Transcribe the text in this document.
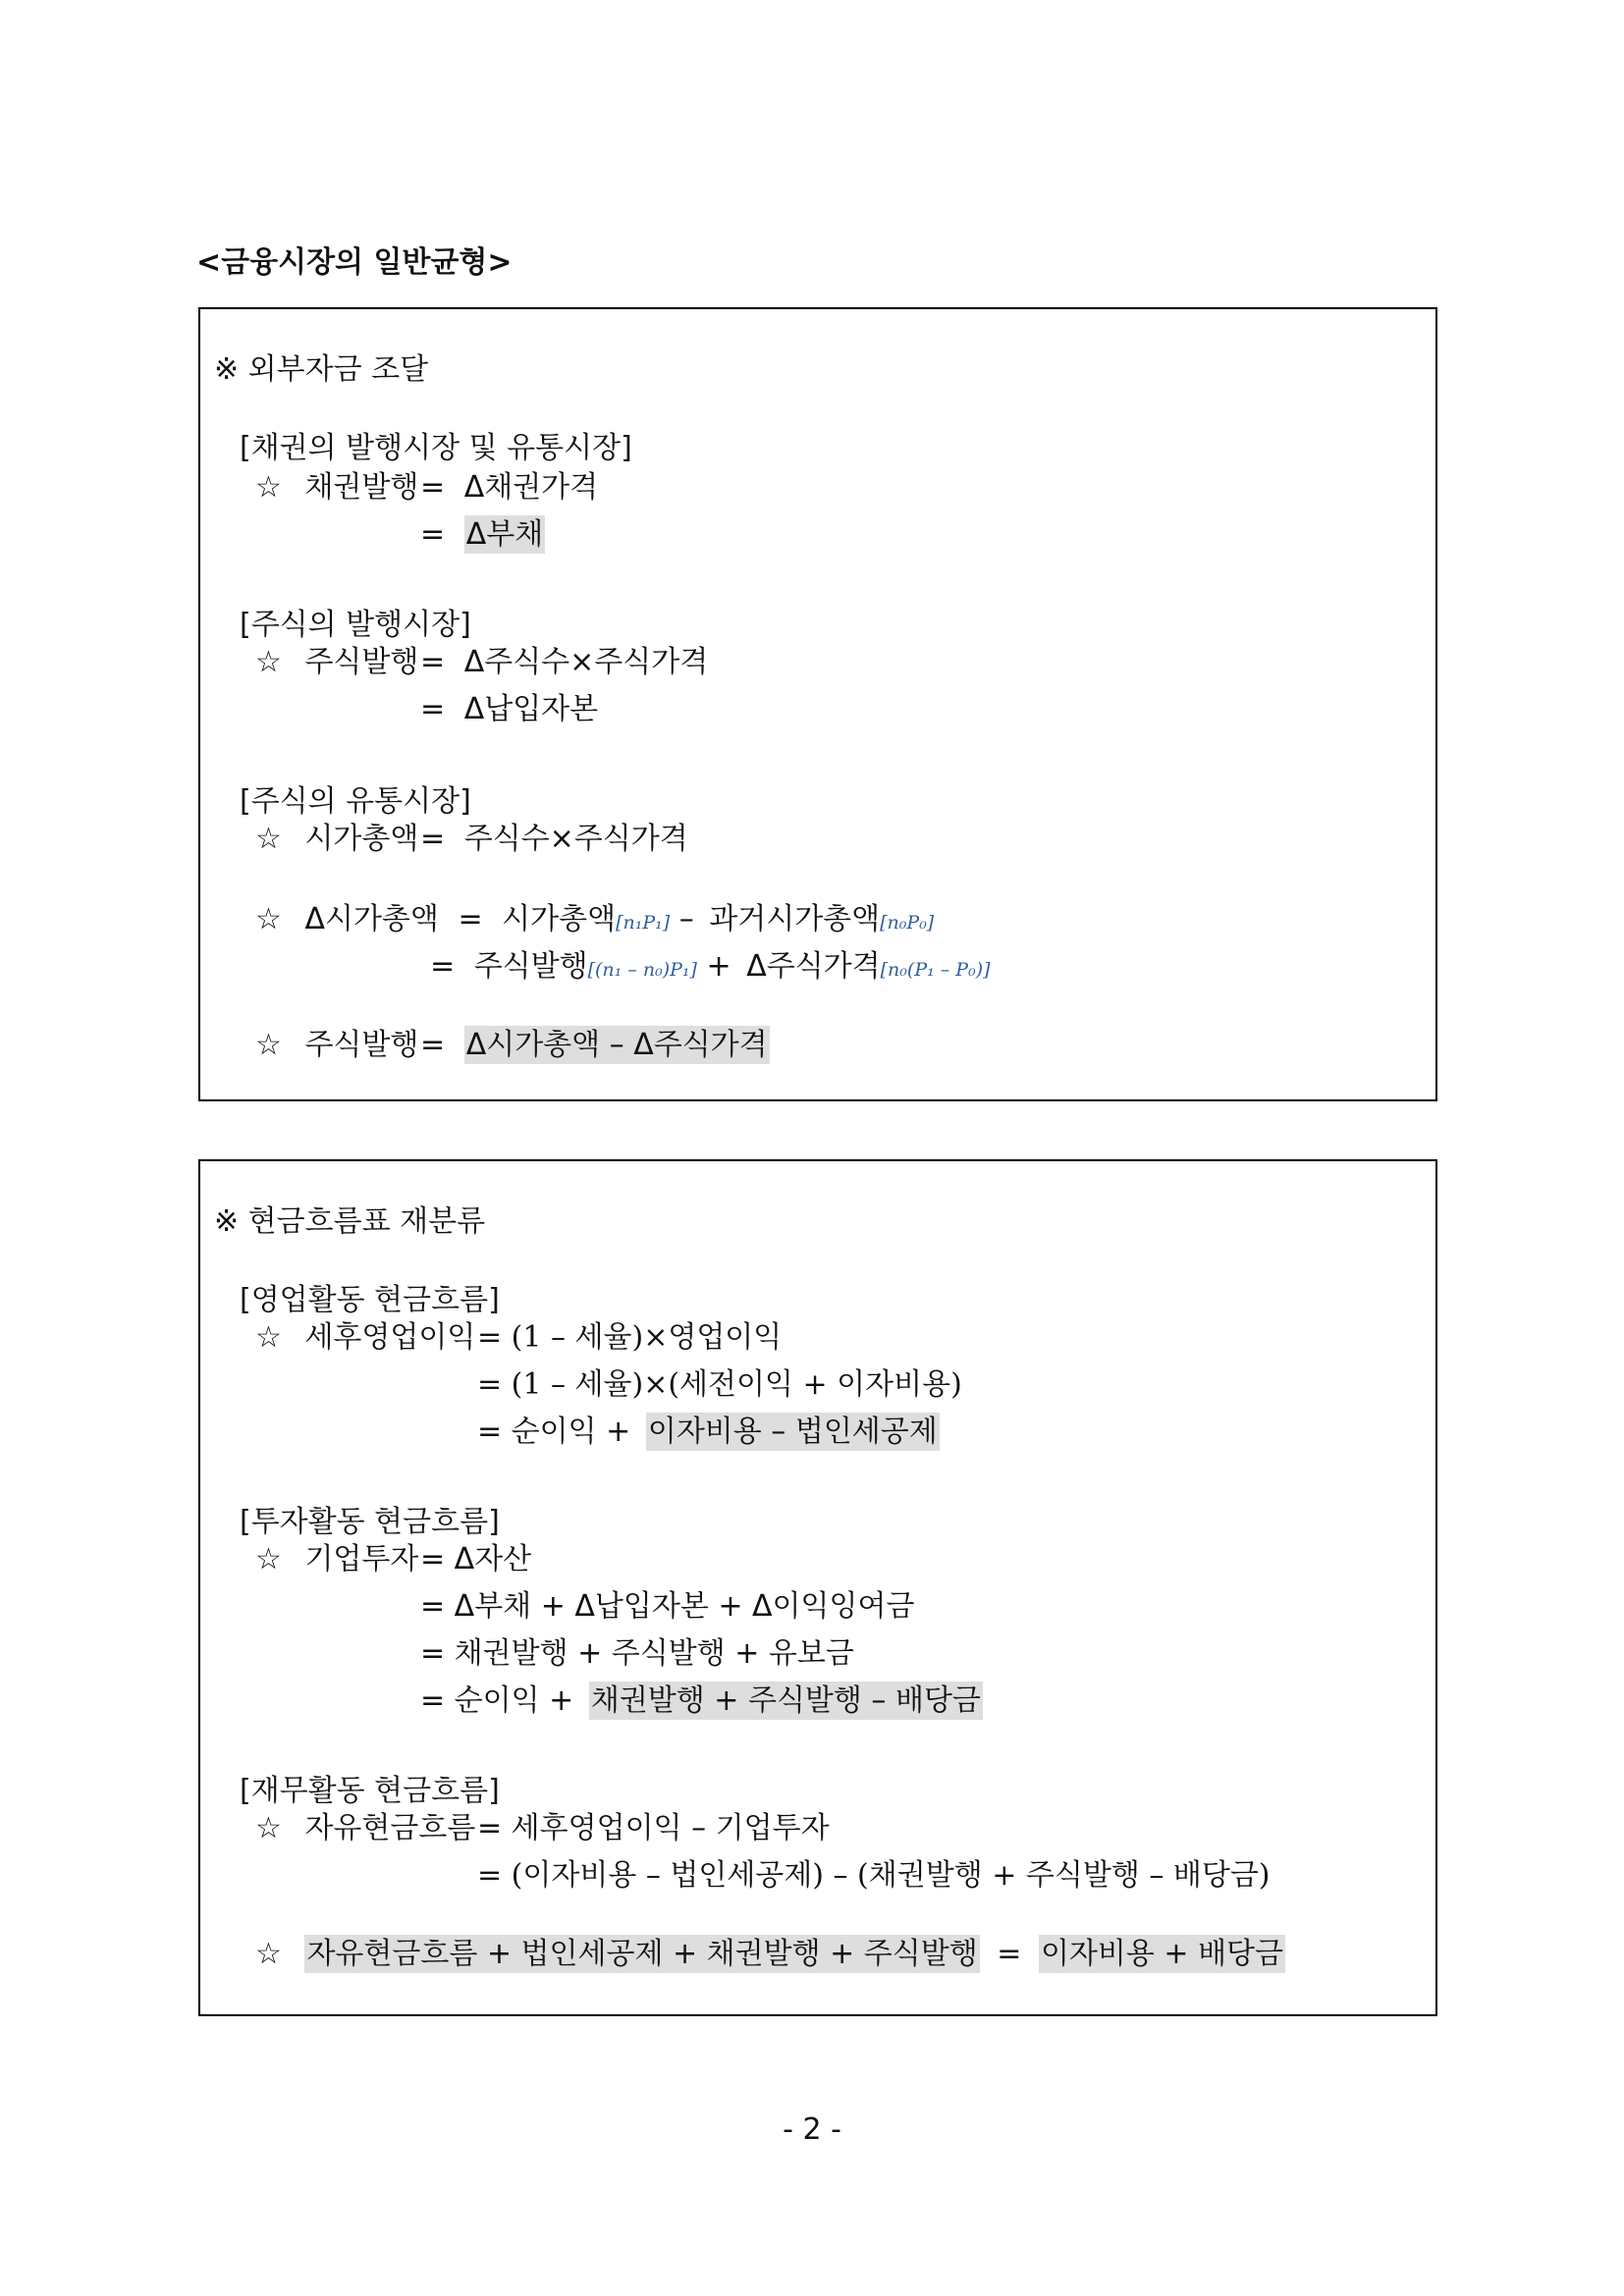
<금융시장의 일반균형>
※ 외부자금 조달
[채권의 발행시장 및 유통시장]
☆ 채권발행 = Δ채권가격
= Δ부채
[주식의 발행시장]
☆ 주식발행 = Δ주식수×주식가격
= Δ납입자본
[주식의 유통시장]
☆ 시가총액 = 주식수×주식가격
☆ Δ시가총액 = 시가총액[n₁P₁] – 과거시가총액[n₀P₀]
= 주식발행[(n₁ – n₀)P₁] + Δ주식가격[n₀(P₁ – P₀)]
☆ 주식발행 = Δ시가총액 – Δ주식가격
※ 현금흐름표 재분류
[영업활동 현금흐름]
☆ 세후영업이익 = (1 – 세율)×영업이익
= (1 – 세율)×(세전이익 + 이자비용)
= 순이익 + 이자비용 – 법인세공제
[투자활동 현금흐름]
☆ 기업투자 = Δ자산
= Δ부채 + Δ납입자본 + Δ이익잉여금
= 채권발행 + 주식발행 + 유보금
= 순이익 + 채권발행 + 주식발행 – 배당금
[재무활동 현금흐름]
☆ 자유현금흐름 = 세후영업이익 – 기업투자
= (이자비용 – 법인세공제) – (채권발행 + 주식발행 – 배당금)
☆ 자유현금흐름 + 법인세공제 + 채권발행 + 주식발행 = 이자비용 + 배당금
- 2 -
